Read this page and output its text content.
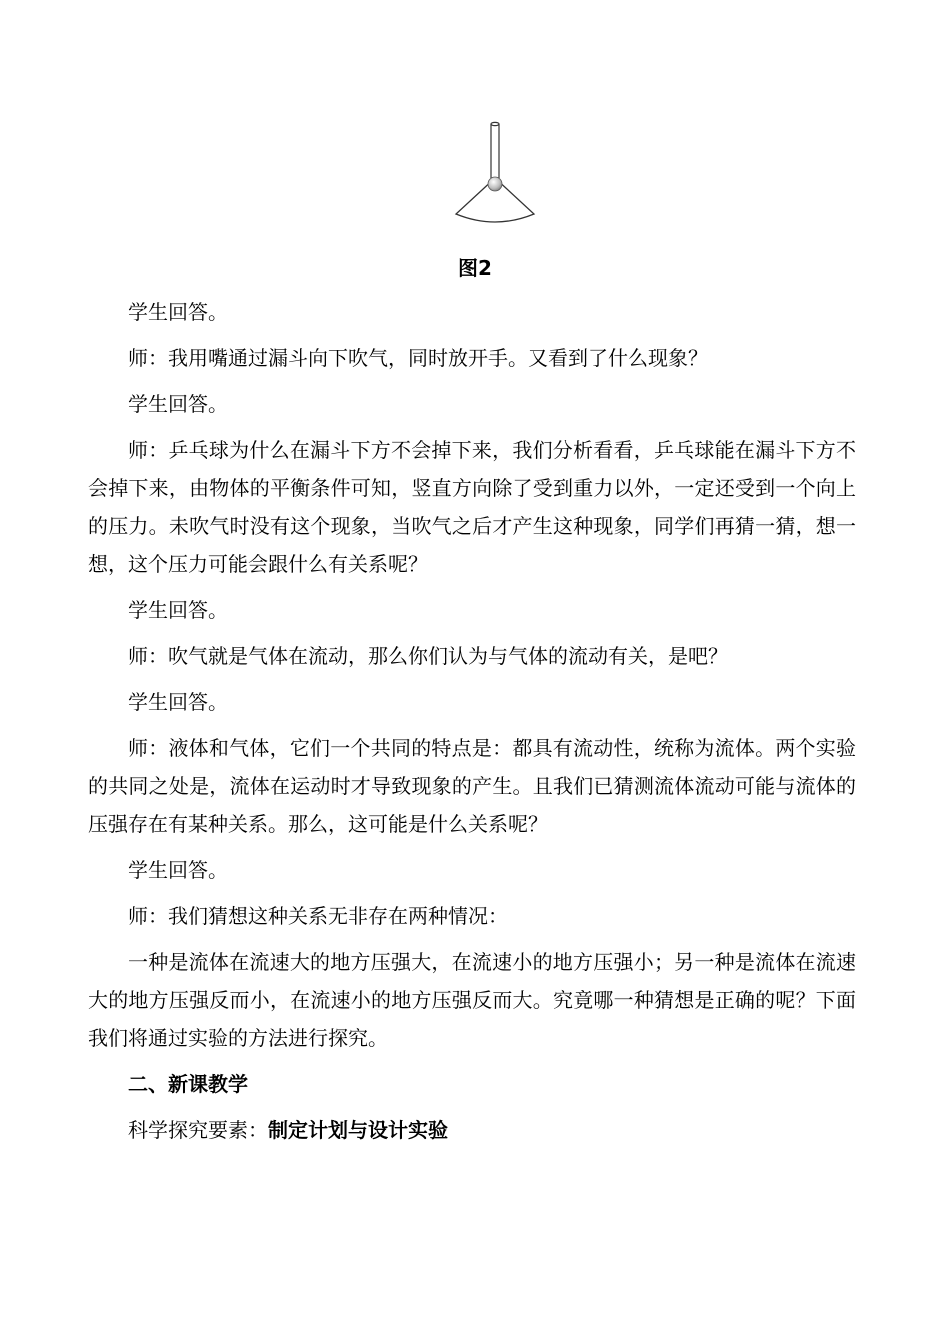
图2

学生回答。

师：我用嘴通过漏斗向下吹气，同时放开手。又看到了什么现象？

学生回答。

师：乒乓球为什么在漏斗下方不会掉下来，我们分析看看，乒乓球能在漏斗下方不会掉下来，由物体的平衡条件可知，竖直方向除了受到重力以外，一定还受到一个向上的压力。未吹气时没有这个现象，当吹气之后才产生这种现象，同学们再猜一猜，想一想，这个压力可能会跟什么有关系呢？

学生回答。

师：吹气就是气体在流动，那么你们认为与气体的流动有关，是吧？

学生回答。

师：液体和气体，它们一个共同的特点是：都具有流动性，统称为流体。两个实验的共同之处是，流体在运动时才导致现象的产生。且我们已猜测流体流动可能与流体的压强存在有某种关系。那么，这可能是什么关系呢？

学生回答。

师：我们猜想这种关系无非存在两种情况：

一种是流体在流速大的地方压强大，在流速小的地方压强小；另一种是流体在流速大的地方压强反而小，在流速小的地方压强反而大。究竟哪一种猜想是正确的呢？下面我们将通过实验的方法进行探究。

二、新课教学

科学探究要素：制定计划与设计实验
